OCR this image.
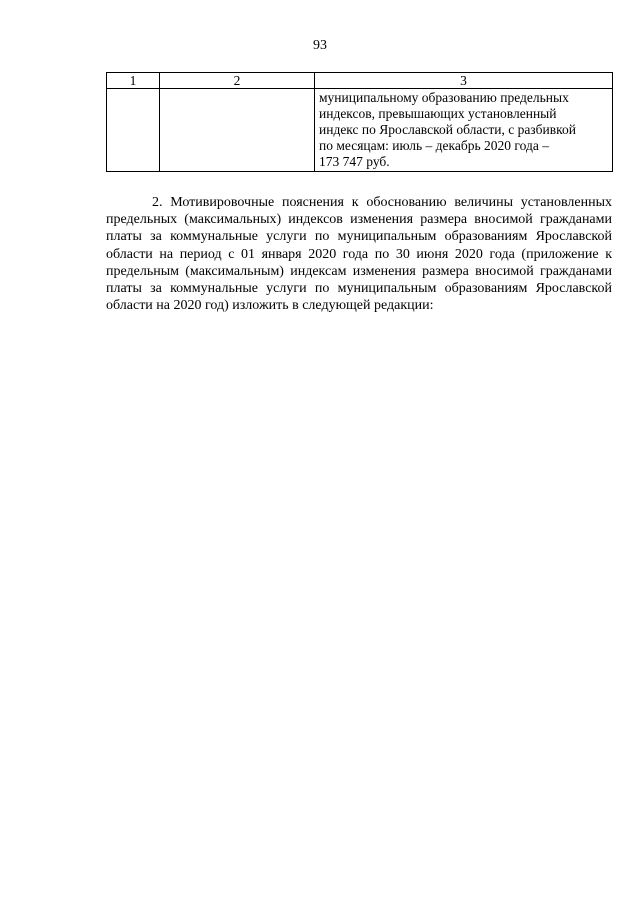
93
1	2	3

		муниципальному образованию предельных
индексов, превышающих установленный
индекс по Ярославской области, с разбивкой
по месяцам: июль – декабрь 2020 года –
173 747 руб.

2. Мотивировочные пояснения к обоснованию величины установленных предельных (максимальных) индексов изменения размера вносимой гражданами платы за коммунальные услуги по муниципальным образованиям Ярославской области на период с 01 января 2020 года по 30 июня 2020 года (приложение к предельным (максимальным) индексам изменения размера вносимой гражданами платы за коммунальные услуги по муниципальным образованиям Ярославской области на 2020 год) изложить в следующей редакции:
